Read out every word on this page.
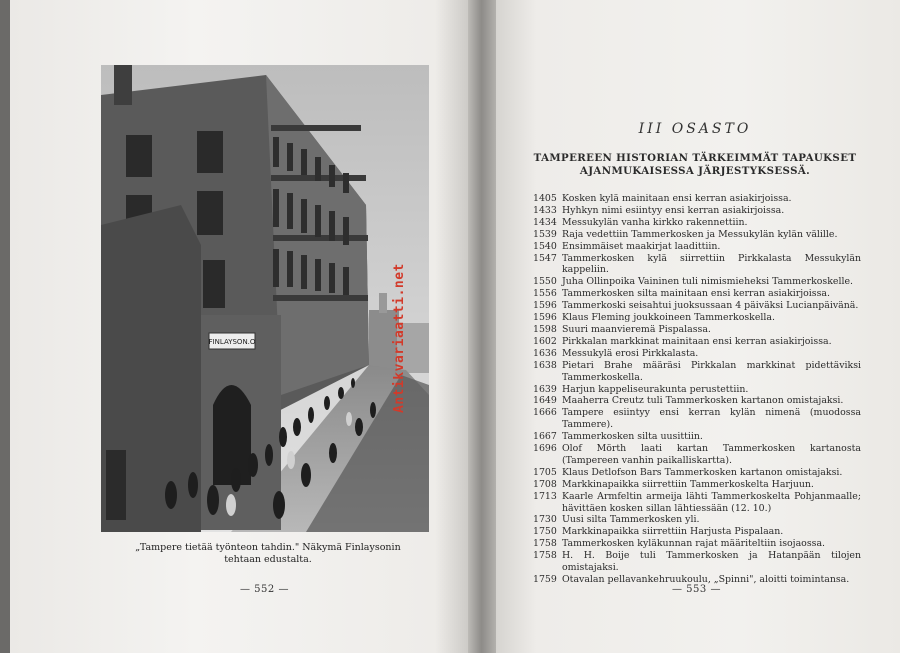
FINLAYSON.O	Antikvariaatti.net
„Tampere tietää työnteon tahdin." Näkymä Finlaysonin tehtaan edustalta.
— 552 —
III OSASTO
TAMPEREEN HISTORIAN TÄRKEIMMÄT TAPAUKSET
AJANMUKAISESSA JÄRJESTYKSESSÄ.
1405 Kosken kylä mainitaan ensi kerran asiakirjoissa.
1433 Hyhkyn nimi esiintyy ensi kerran asiakirjoissa.
1434 Messukylän vanha kirkko rakennettiin.
1539 Raja vedettiin Tammerkosken ja Messukylän kylän välille.
1540 Ensimmäiset maakirjat laadittiin.
1547 Tammerkosken kylä siirrettiin Pirkkalasta Messukylän kappeliin.
1550 Juha Ollinpoika Vaininen tuli nimismieheksi Tammerkoskelle.
1556 Tammerkosken silta mainitaan ensi kerran asiakirjoissa.
1596 Tammerkoski seisahtui juoksussaan 4 päiväksi Lucianpäivänä.
1596 Klaus Fleming joukkoineen Tammerkoskella.
1598 Suuri maanvieremä Pispalassa.
1602 Pirkkalan markkinat mainitaan ensi kerran asiakirjoissa.
1636 Messukylä erosi Pirkkalasta.
1638 Pietari Brahe määräsi Pirkkalan markkinat pidettäviksi Tammerkoskella.
1639 Harjun kappeliseurakunta perustettiin.
1649 Maaherra Creutz tuli Tammerkosken kartanon omistajaksi.
1666 Tampere esiintyy ensi kerran kylän nimenä (muodossa Tammere).
1667 Tammerkosken silta uusittiin.
1696 Olof Mörth laati kartan Tammerkosken kartanosta (Tampereen vanhin paikalliskartta).
1705 Klaus Detlofson Bars Tammerkosken kartanon omistajaksi.
1708 Markkinapaikka siirrettiin Tammerkoskelta Harjuun.
1713 Kaarle Armfeltin armeija lähti Tammerkoskelta Pohjanmaalle; hävittäen kosken sillan lähtiessään (12. 10.)
1730 Uusi silta Tammerkosken yli.
1750 Markkinapaikka siirrettiin Harjusta Pispalaan.
1758 Tammerkosken kyläkunnan rajat määriteltiin isojaossa.
1758 H. H. Boije tuli Tammerkosken ja Hatanpään tilojen omistajaksi.
1759 Otavalan pellavankehruukoulu, „Spinni", aloitti toimintansa.
— 553 —
